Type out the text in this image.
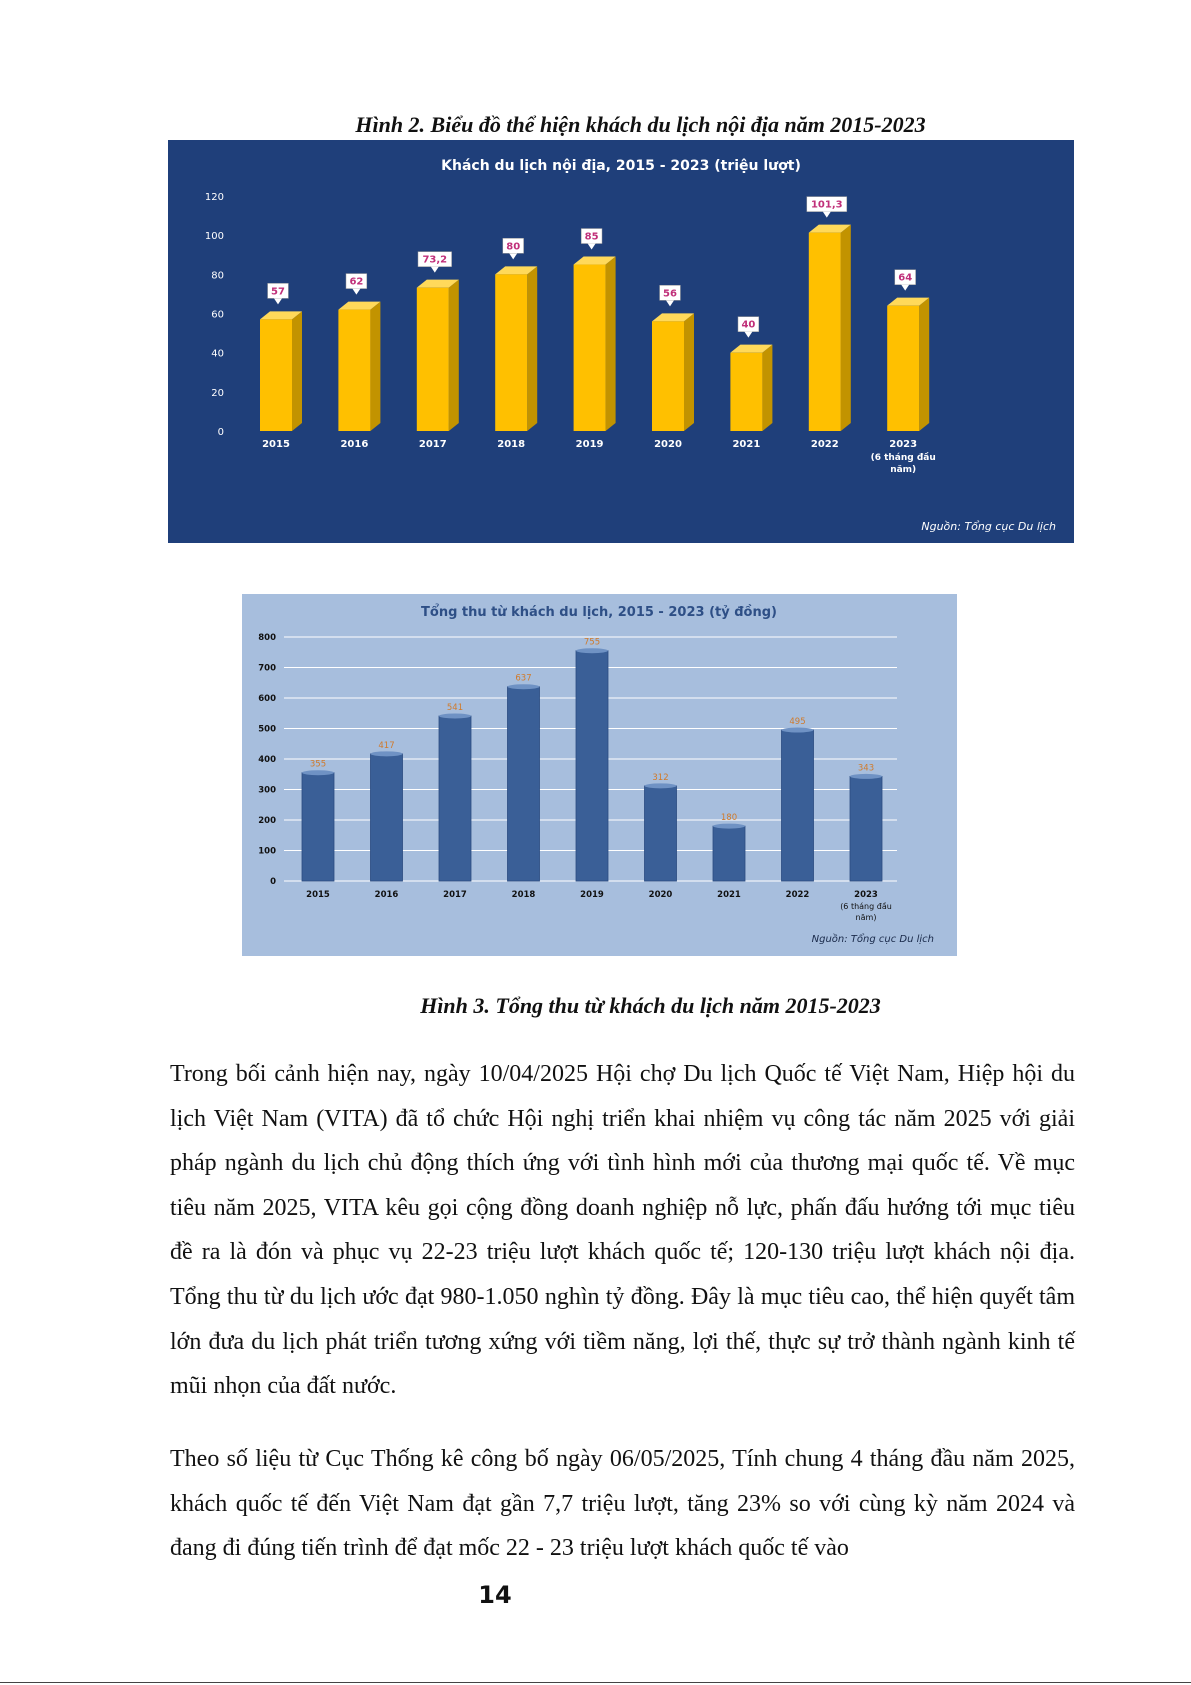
Hình 2. Biểu đồ thể hiện khách du lịch nội địa năm 2015-2023

Khách du lịch nội địa, 2015 - 2023 (triệu lượt)
Nguồn: Tổng cục Du lịch
0
20
40
60
80
100
120
57
2015
62
2016
73,2
2017
80
2018
85
2019
56
2020
40
2021
101,3
2022
64
2023
(6 tháng đầu
năm)
Tổng thu từ khách du lịch, 2015 - 2023 (tỷ đồng)
Nguồn: Tổng cục Du lịch
0
100
200
300
400
500
600
700
800
355
2015
417
2016
541
2017
637
2018
755
2019
312
2020
180
2021
495
2022
343
2023
(6 tháng đầu
năm)

Hình 3. Tổng thu từ khách du lịch năm 2015-2023

Trong bối cảnh hiện nay, ngày 10/04/2025 Hội chợ Du lịch Quốc tế Việt Nam, Hiệp hội du lịch Việt Nam (VITA) đã tổ chức Hội nghị triển khai nhiệm vụ công tác năm 2025 với giải pháp ngành du lịch chủ động thích ứng với tình hình mới của thương mại quốc tế. Về mục tiêu năm 2025, VITA kêu gọi cộng đồng doanh nghiệp nỗ lực, phấn đấu hướng tới mục tiêu đề ra là đón và phục vụ 22-23 triệu lượt khách quốc tế; 120-130 triệu lượt khách nội địa. Tổng thu từ du lịch ước đạt 980-1.050 nghìn tỷ đồng. Đây là mục tiêu cao, thể hiện quyết tâm lớn đưa du lịch phát triển tương xứng với tiềm năng, lợi thế, thực sự trở thành ngành kinh tế mũi nhọn của đất nước.

Theo số liệu từ Cục Thống kê công bố ngày 06/05/2025, Tính chung 4 tháng đầu năm 2025, khách quốc tế đến Việt Nam đạt gần 7,7 triệu lượt, tăng 23% so với cùng kỳ năm 2024 và đang đi đúng tiến trình để đạt mốc 22 - 23 triệu lượt khách quốc tế vào

14
